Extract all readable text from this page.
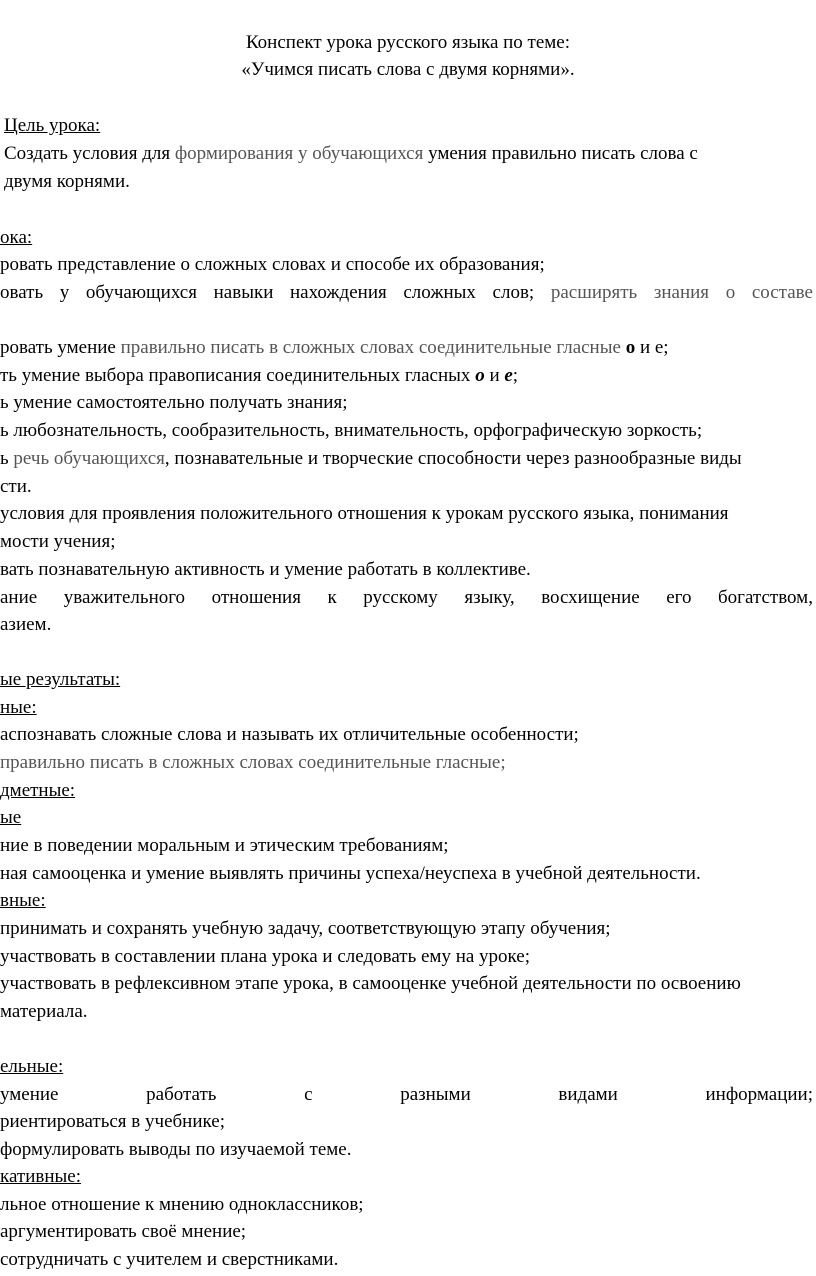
Конспект урока русского языка по теме:
«Учимся писать слова с двумя корнями».
Цель урока:
Создать условия для формирования у обучающихся умения правильно писать слова с
двумя корнями.
ока:
ровать представление о сложных словах и способе их образования;
овать у обучающихся навыки нахождения сложных слов; расширять знания о составе
ровать умение правильно писать в сложных словах соединительные гласные о и е;
ть умение выбора правописания соединительных гласных о и е;
ь умение самостоятельно получать знания;
ь любознательность, сообразительность, внимательность, орфографическую зоркость;
ь речь обучающихся, познавательные и творческие способности через разнообразные виды
сти.
условия для проявления положительного отношения к урокам русского языка, понимания
мости учения;
вать познавательную активность и умение работать в коллективе.
ание уважительного отношения к русскому языку, восхищение его богатством,
азием.
ые результаты:
ные:
аспознавать сложные слова и называть их отличительные особенности;
правильно писать в сложных словах соединительные гласные;
дметные:
ые
ние в поведении моральным и этическим требованиям;
ная самооценка и умение выявлять причины успеха/неуспеха в учебной деятельности.
вные:
принимать и сохранять учебную задачу, соответствующую этапу обучения;
участвовать в составлении плана урока и следовать ему на уроке;
участвовать в рефлексивном этапе урока, в самооценке учебной деятельности по освоению
материала.
ельные:
умение	работать	с	разными	видами	информации;
риентироваться в учебнике;
формулировать выводы по изучаемой теме.
кативные:
льное отношение к мнению одноклассников;
аргументировать своё мнение;
сотрудничать с учителем и сверстниками.
